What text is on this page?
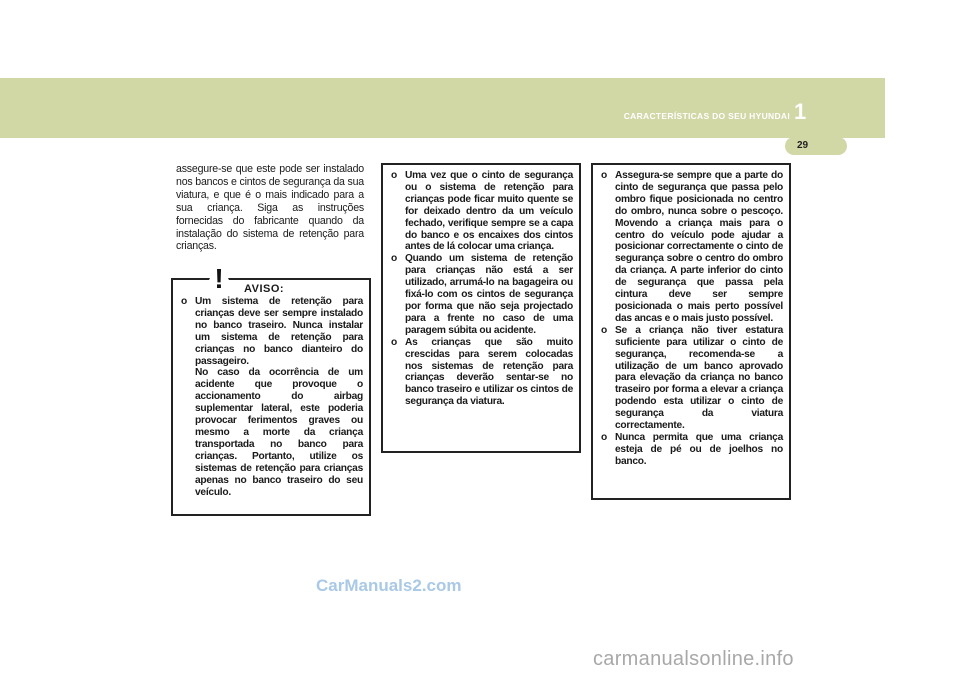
CARACTERÍSTICAS DO SEU HYUNDAI 1
29
assegure-se que este pode ser instalado nos bancos e cintos de segurança da sua viatura, e que é o mais indicado para a sua criança. Siga as instruções fornecidas do fabricante quando da instalação do sistema de retenção para crianças.
o Um sistema de retenção para crianças deve ser sempre instalado no banco traseiro. Nunca instalar um sistema de retenção para crianças no banco dianteiro do passageiro.
No caso da ocorrência de um acidente que provoque o accionamento do airbag suplementar lateral, este poderia provocar ferimentos graves ou mesmo a morte da criança transportada no banco para crianças. Portanto, utilize os sistemas de retenção para crianças apenas no banco traseiro do seu veículo.
! AVISO:
o Uma vez que o cinto de segurança ou o sistema de retenção para crianças pode ficar muito quente se for deixado dentro da um veículo fechado, verifique sempre se a capa do banco e os encaixes dos cintos antes de lá colocar uma criança.
o Quando um sistema de retenção para crianças não está a ser utilizado, arrumá-lo na bagageira ou fixá-lo com os cintos de segurança por forma que não seja projectado para a frente no caso de uma paragem súbita ou acidente.
o As crianças que são muito crescidas para serem colocadas nos sistemas de retenção para crianças deverão sentar-se no banco traseiro e utilizar os cintos de segurança da viatura.
o Assegura-se sempre que a parte do cinto de segurança que passa pelo ombro fique posicionada no centro do ombro, nunca sobre o pescoço. Movendo a criança mais para o centro do veículo pode ajudar a posicionar correctamente o cinto de segurança sobre o centro do ombro da criança. A parte inferior do cinto de segurança que passa pela cintura deve ser sempre posicionada o mais perto possível das ancas e o mais justo possível.
o Se a criança não tiver estatura suficiente para utilizar o cinto de segurança, recomenda-se a utilização de um banco aprovado para elevação da criança no banco traseiro por forma a elevar a criança podendo esta utilizar o cinto de segurança da viatura correctamente.
o Nunca permita que uma criança esteja de pé ou de joelhos no banco.
CarManuals2.com
carmanualsonline.info
